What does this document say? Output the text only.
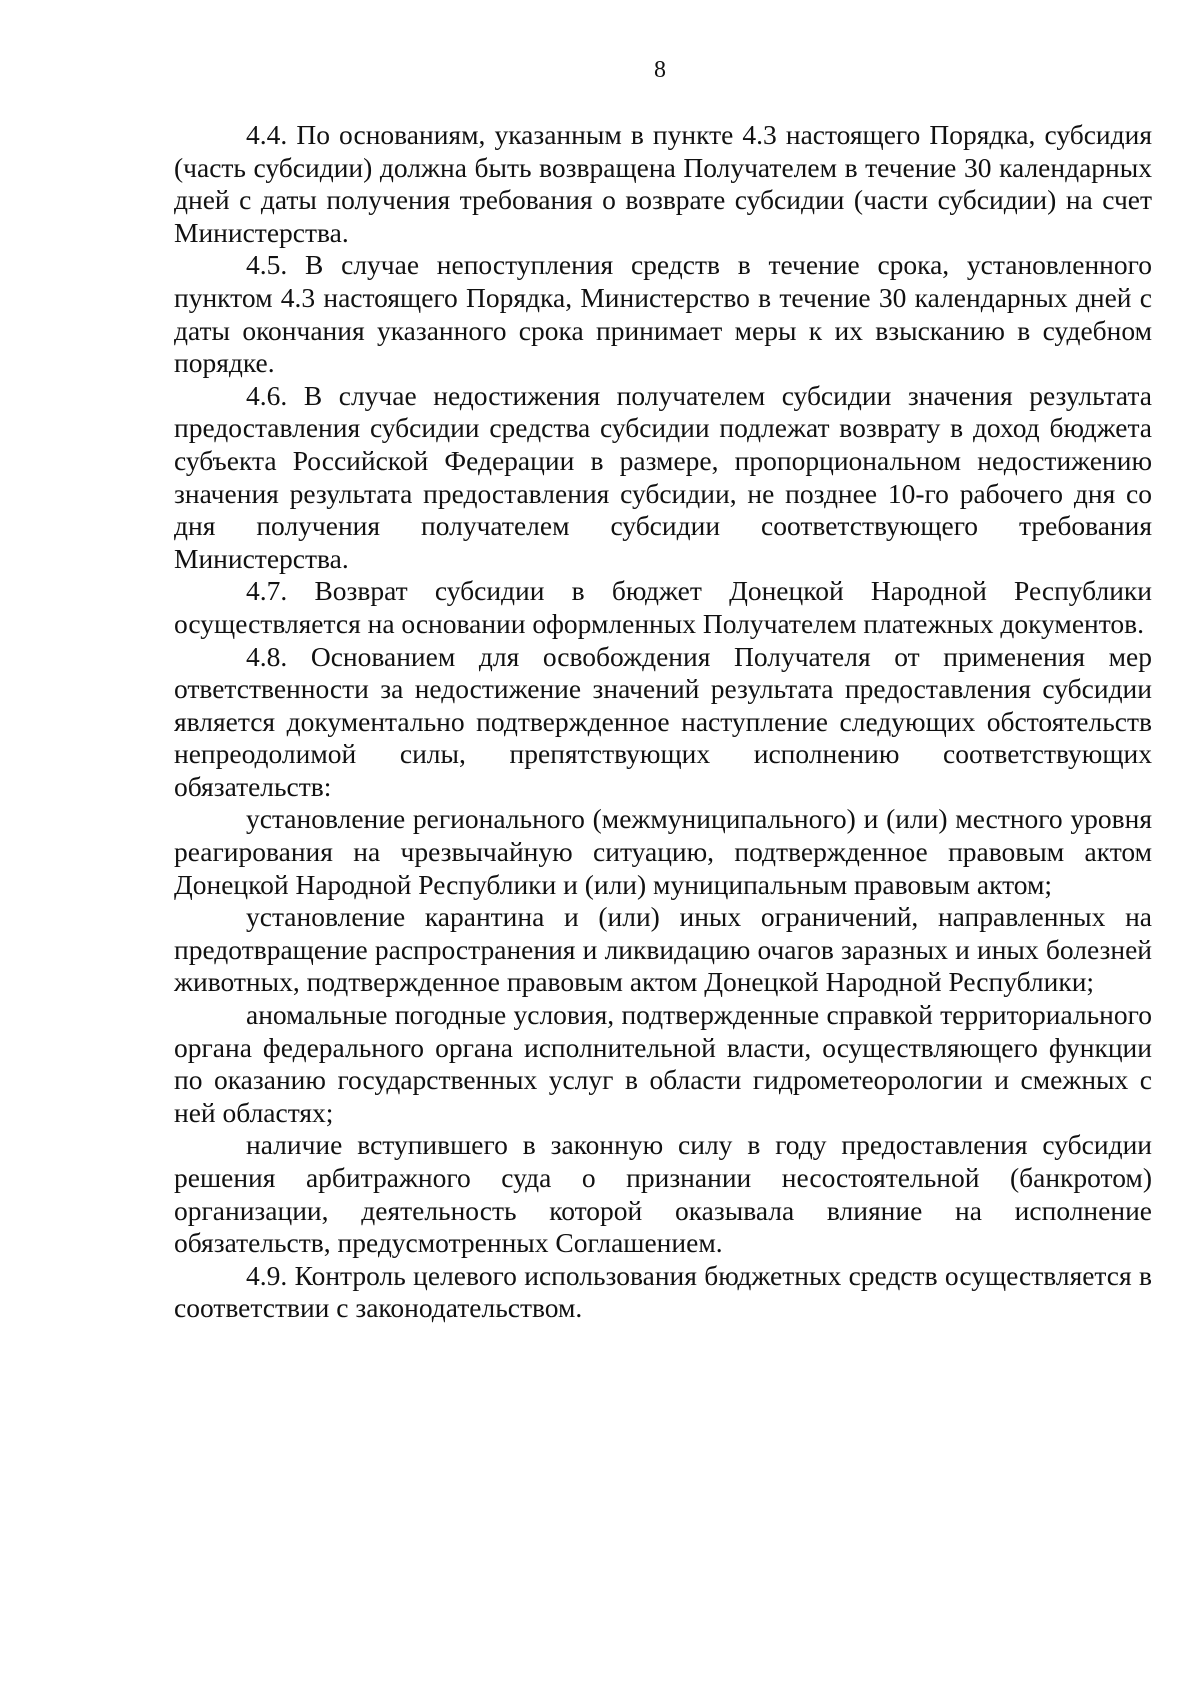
8

4.4. По основаниям, указанным в пункте 4.3 настоящего Порядка, субсидия (часть субсидии) должна быть возвращена Получателем в течение 30 календарных дней с даты получения требования о возврате субсидии (части субсидии) на счет Министерства.

4.5. В случае непоступления средств в течение срока, установленного пунктом 4.3 настоящего Порядка, Министерство в течение 30 календарных дней с даты окончания указанного срока принимает меры к их взысканию в судебном порядке.

4.6. В случае недостижения получателем субсидии значения результата предоставления субсидии средства субсидии подлежат возврату в доход бюджета субъекта Российской Федерации в размере, пропорциональном недостижению значения результата предоставления субсидии, не позднее 10-го рабочего дня со дня получения получателем субсидии соответствующего требования Министерства.

4.7. Возврат субсидии в бюджет Донецкой Народной Республики осуществляется на основании оформленных Получателем платежных документов.

4.8. Основанием для освобождения Получателя от применения мер ответственности за недостижение значений результата предоставления субсидии является документально подтвержденное наступление следующих обстоятельств непреодолимой силы, препятствующих исполнению соответствующих обязательств:

установление регионального (межмуниципального) и (или) местного уровня реагирования на чрезвычайную ситуацию, подтвержденное правовым актом Донецкой Народной Республики и (или) муниципальным правовым актом;

установление карантина и (или) иных ограничений, направленных на предотвращение распространения и ликвидацию очагов заразных и иных болезней животных, подтвержденное правовым актом Донецкой Народной Республики;

аномальные погодные условия, подтвержденные справкой территориального органа федерального органа исполнительной власти, осуществляющего функции по оказанию государственных услуг в области гидрометеорологии и смежных с ней областях;

наличие вступившего в законную силу в году предоставления субсидии решения арбитражного суда о признании несостоятельной (банкротом) организации, деятельность которой оказывала влияние на исполнение обязательств, предусмотренных Соглашением.

4.9. Контроль целевого использования бюджетных средств осуществляется в соответствии с законодательством.
